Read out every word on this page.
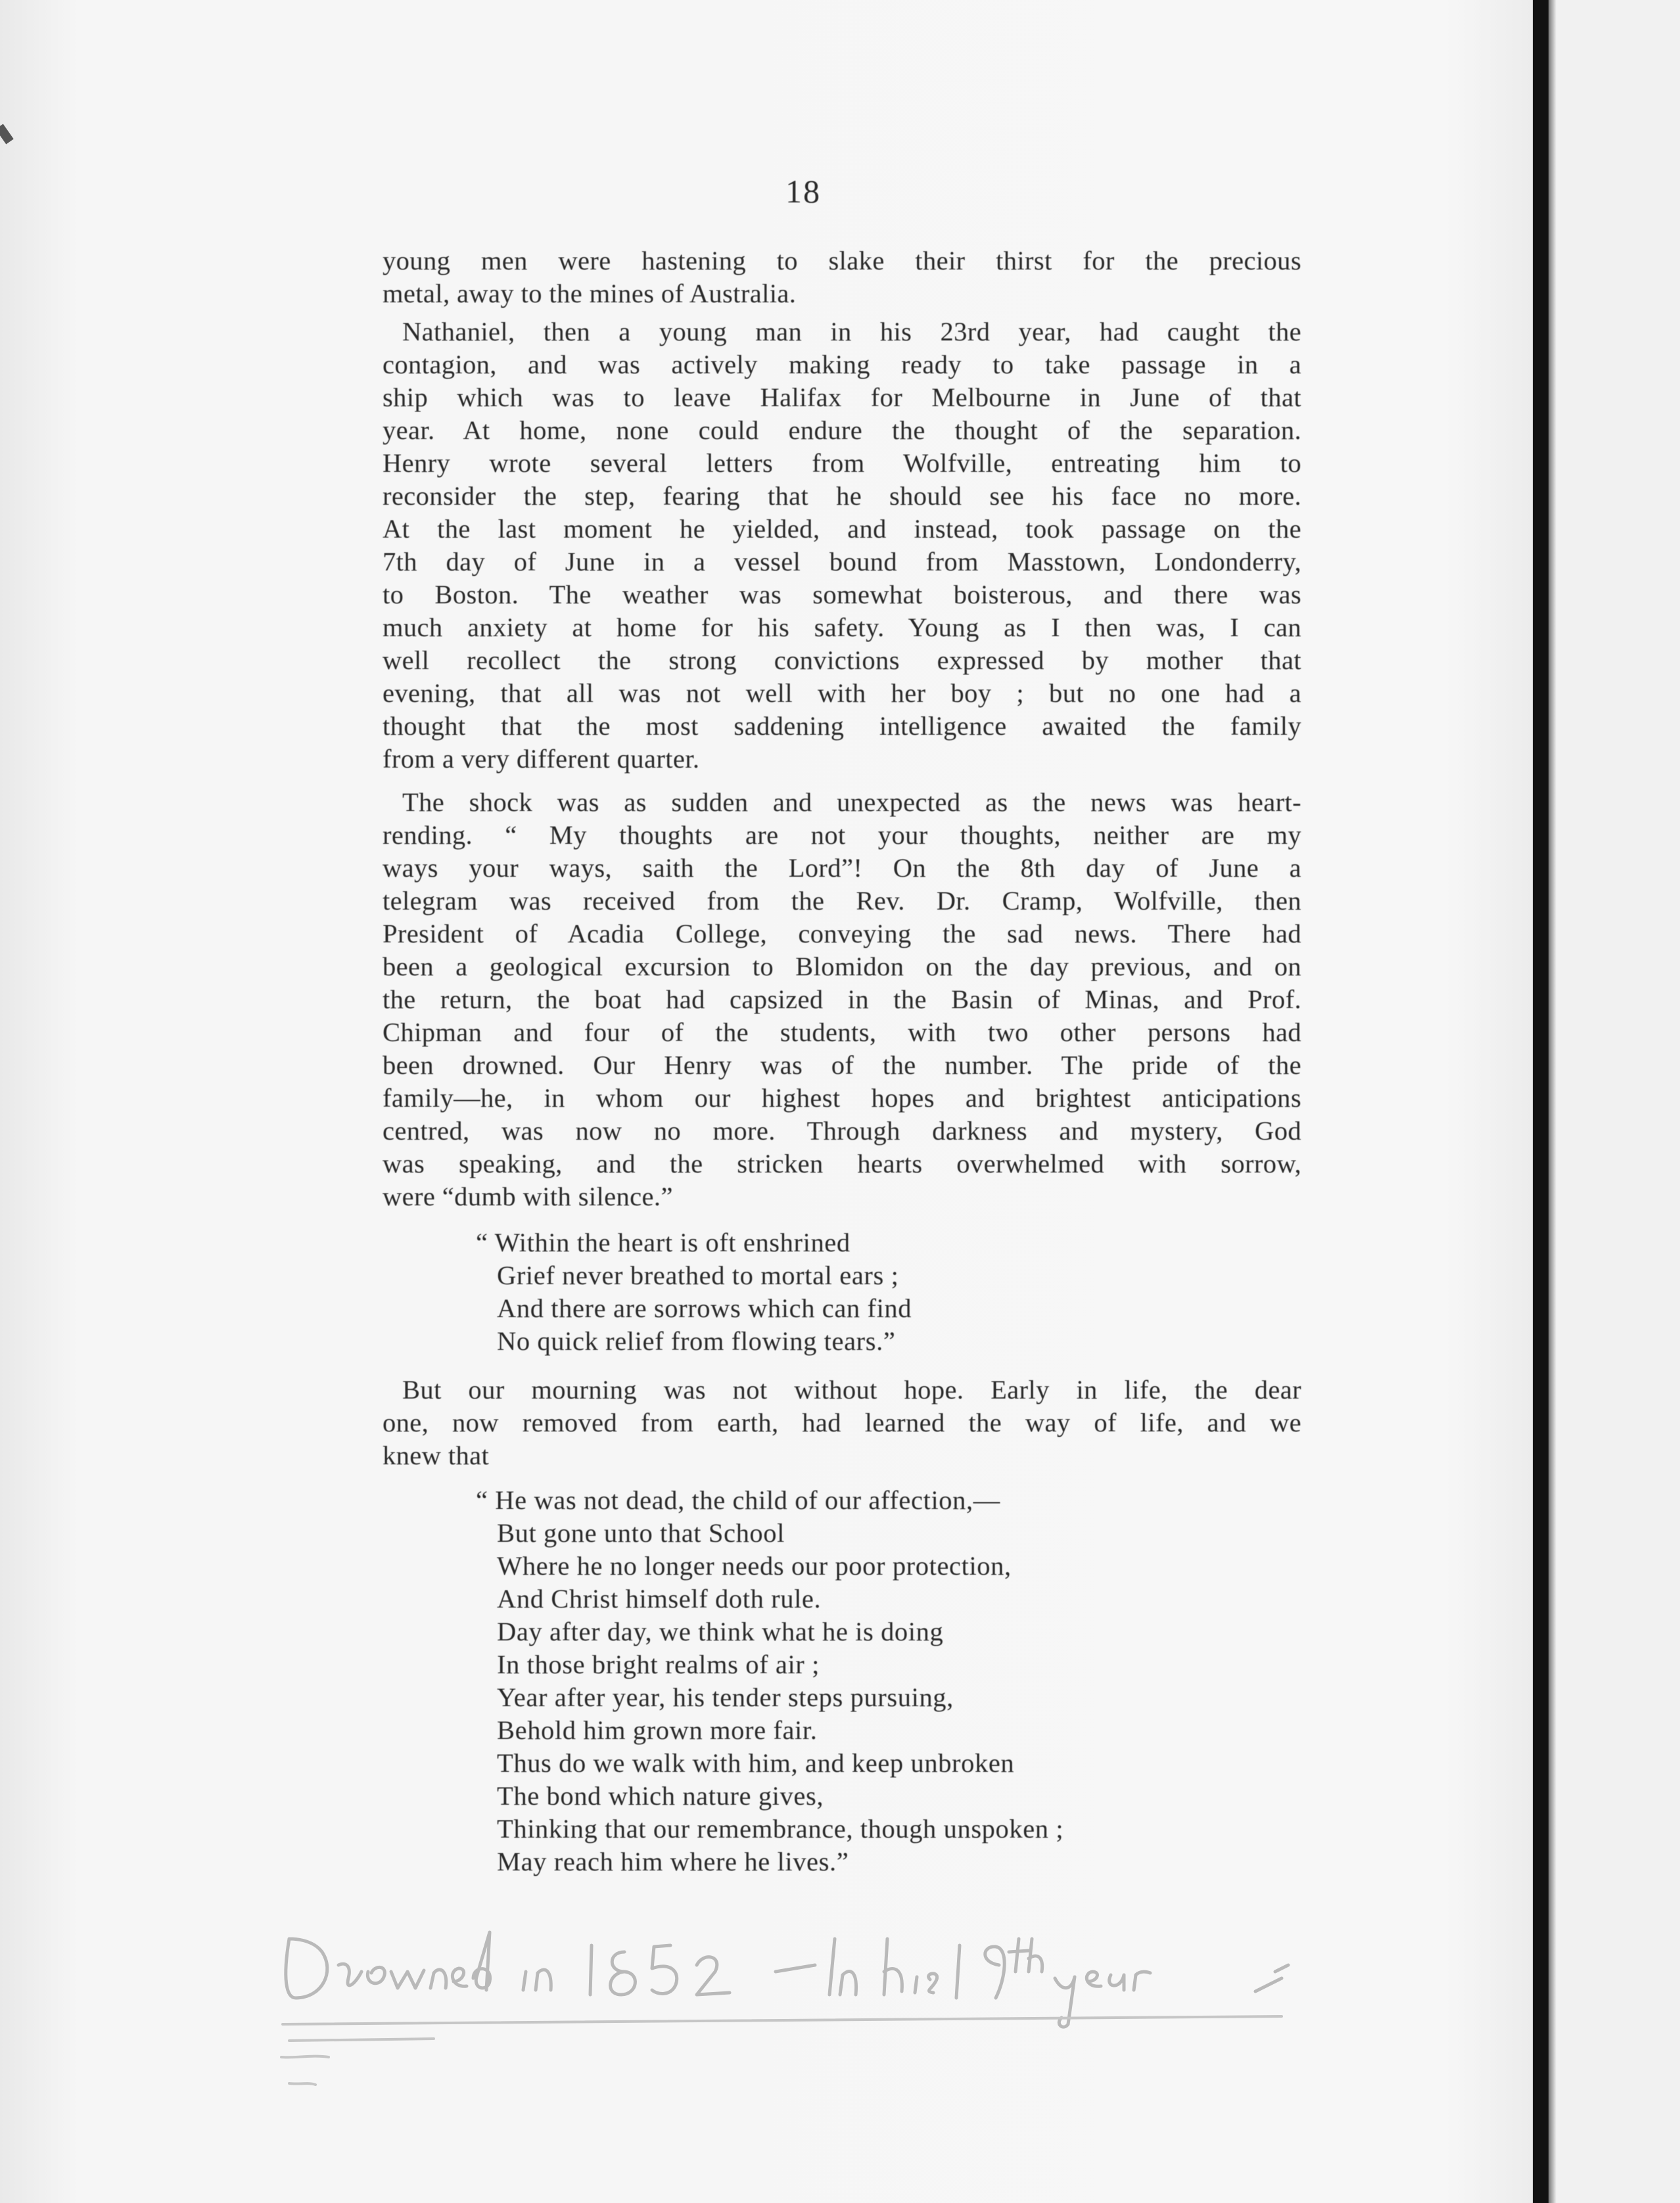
18
young men were hastening to slake their thirst for the precious
metal, away to the mines of Australia.
Nathaniel, then a young man in his 23rd year, had caught the
contagion, and was actively making ready to take passage in a
ship which was to leave Halifax for Melbourne in June of that
year. At home, none could endure the thought of the separation.
Henry wrote several letters from Wolfville, entreating him to
reconsider the step, fearing that he should see his face no more.
At the last moment he yielded, and instead, took passage on the
7th day of June in a vessel bound from Masstown, Londonderry,
to Boston. The weather was somewhat boisterous, and there was
much anxiety at home for his safety. Young as I then was, I can
well recollect the strong convictions expressed by mother that
evening, that all was not well with her boy ; but no one had a
thought that the most saddening intelligence awaited the family
from a very different quarter.
The shock was as sudden and unexpected as the news was heart-
rending. “ My thoughts are not your thoughts, neither are my
ways your ways, saith the Lord”! On the 8th day of June a
telegram was received from the Rev. Dr. Cramp, Wolfville, then
President of Acadia College, conveying the sad news. There had
been a geological excursion to Blomidon on the day previous, and on
the return, the boat had capsized in the Basin of Minas, and Prof.
Chipman and four of the students, with two other persons had
been drowned. Our Henry was of the number. The pride of the
family—he, in whom our highest hopes and brightest anticipations
centred, was now no more. Through darkness and mystery, God
was speaking, and the stricken hearts overwhelmed with sorrow,
were “dumb with silence.”
“ Within the heart is oft enshrined
Grief never breathed to mortal ears ;
And there are sorrows which can find
No quick relief from flowing tears.”
But our mourning was not without hope. Early in life, the dear
one, now removed from earth, had learned the way of life, and we
knew that
“ He was not dead, the child of our affection,—
But gone unto that School
Where he no longer needs our poor protection,
And Christ himself doth rule.
Day after day, we think what he is doing
In those bright realms of air ;
Year after year, his tender steps pursuing,
Behold him grown more fair.
Thus do we walk with him, and keep unbroken
The bond which nature gives,
Thinking that our remembrance, though unspoken ;
May reach him where he lives.”
